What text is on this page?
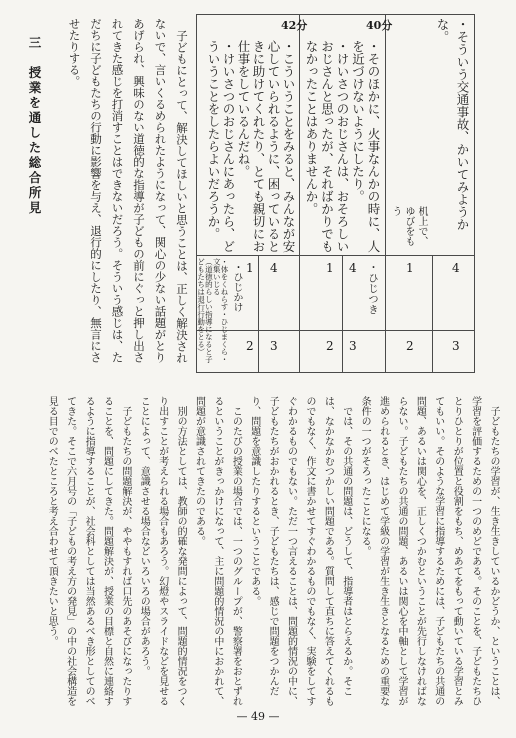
・そういう交通事故、かいてみようかな。

机上で、ゆびをもう

4
1
3
2
40分

・そのほかに、火事なんかの時に、人を近づけないようにしたり。

・けいさつのおじさんは、おそろしいおじさんと思ったが、そればかりでもなかったことはありませんか。

・ひじつき

4
1
3
2
42分

・こういうことをみると、みんなが安心していられるように、困っているときに助けてくれたり、とても親切にお仕事をしているんだね。

・けいさつのおじさんにあったら、どういうことをしたらよいだろうか。

・ひじかけ

・体をくねらす・ひじまくら・文集いじる

（道徳的らしい指導になると子どもたちは退行行動をとる）	4
1
3
2

子どもにとって、解決してほしいと思うことは、正しく解決されないで、言いくるめられたようになって、関心の少ない話題がとりあげられ、興味のない道徳的な指導が子どもの前にぐっと押し出されてきた感じを打消すことはできないだろう。そういう感じは、ただちに子どもたちの行動に影響を与え、退行的にしたり、無言にさせたりする。

三　授業を通した総合所見

子どもたちの学習が、生き生きしているかどうか、ということは、学習を評価するための一つのめどである。そのことを、子どもたちひとりひとりが位置と役割をもち、めあてをもって動いている学習とみてもいい。そのような学習に指導するためには、子どもたちの共通の問題、あるいは関心を、正しくつかむということが先行しなければならない。子どもたちの共通の問題、あるいは関心を中軸として学習が進められるとき、はじめて学級の学習が生き生きとなるための重要な条件の一つがそろったことになる。

では、その共通の問題は、どうして、指導者はとらえるか。そこは、なかなかむつかしい問題である。質問して直ちに答えてくれるものでもなく、作文に書かせてすぐわかるものでもなく、実験をしてすぐわかるものでもない。ただ一つ言えることは、問題的情況の中に、子どもたちがおかれるとき、子どもたちは、感じで問題をつかんだり、問題を意識したりするということである。

このたびの授業の場合では、一つのグループが、警察署をおとずれるということがきっかけになって、主に問題的情況の中におかれて、問題が意識されてきたのである。

別の方法としては、教師の的確な発問によって、問題的情況をつくり出すことが考えられる場合もあろう。幻燈やスライドなどを見せることによって、意識させる場合などいろいろの場合があろう。

子どもたちの問題解決が、ややもすれば口先のあそびになったりすることを、問題にしてきた。問題解決が、授業の目標と自然に連絡するように指導することが、社会科としては当然あるべき形としてのべてきた。そこで六月号の「子どもの考え方の発見」の中の社会構造を見る目でのべたところと考え合わせて頂きたいと思う。

— 49 —
